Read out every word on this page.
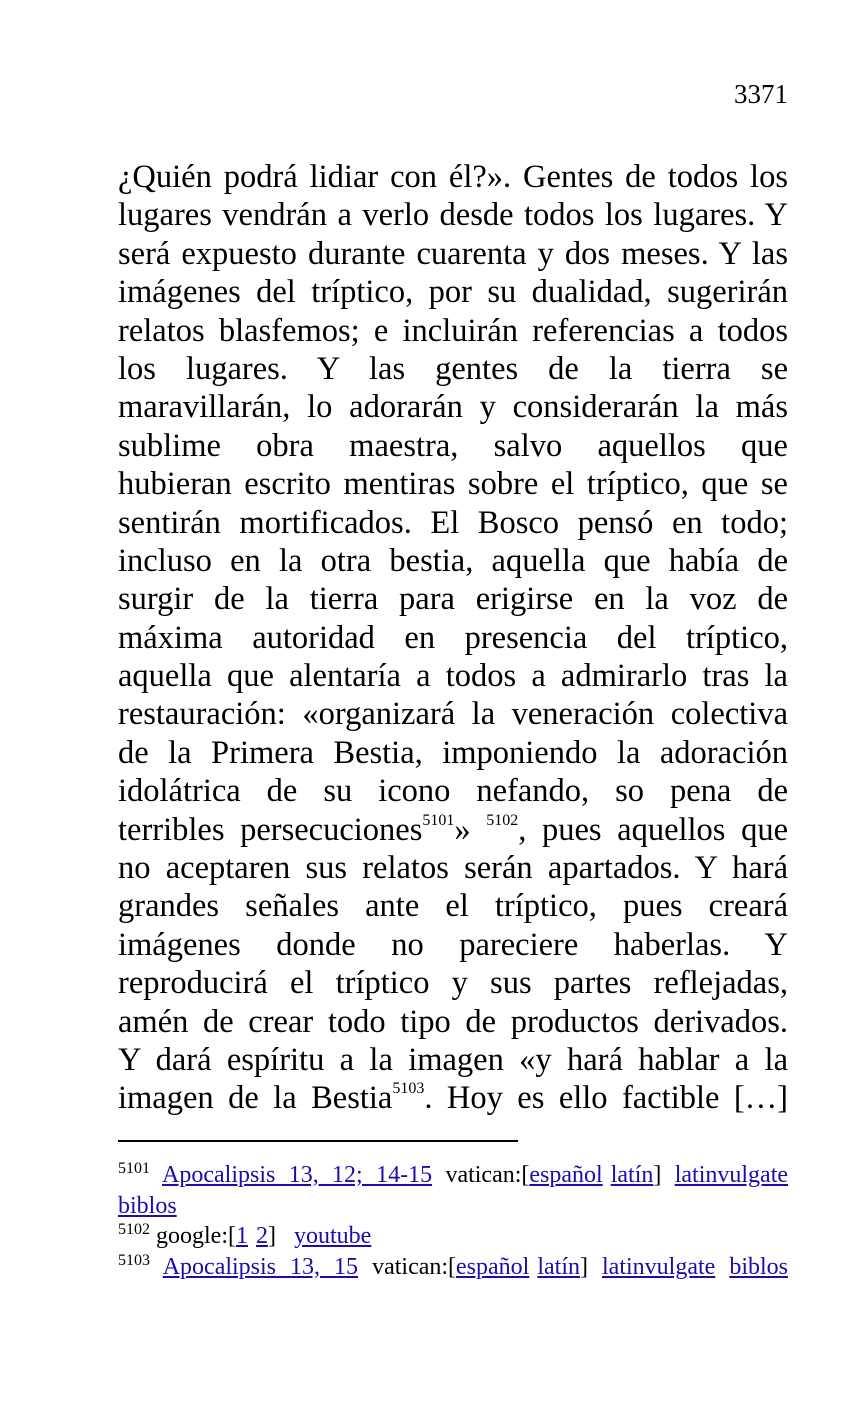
3371
¿Quién podrá lidiar con él?». Gentes de todos los
lugares vendrán a verlo desde todos los lugares. Y
será expuesto durante cuarenta y dos meses. Y las
imágenes del tríptico, por su dualidad, sugerirán
relatos blasfemos; e incluirán referencias a todos
los lugares. Y las gentes de la tierra se
maravillarán, lo adorarán y considerarán la más
sublime obra maestra, salvo aquellos que
hubieran escrito mentiras sobre el tríptico, que se
sentirán mortificados. El Bosco pensó en todo;
incluso en la otra bestia, aquella que había de
surgir de la tierra para erigirse en la voz de
máxima autoridad en presencia del tríptico,
aquella que alentaría a todos a admirarlo tras la
restauración: «organizará la veneración colectiva
de la Primera Bestia, imponiendo la adoración
idolátrica de su icono nefando, so pena de
terribles persecuciones$^{5101}$» $^{5102}$, pues aquellos que
no aceptaren sus relatos serán apartados. Y hará
grandes señales ante el tríptico, pues creará
imágenes donde no pareciere haberlas. Y
reproducirá el tríptico y sus partes reflejadas,
amén de crear todo tipo de productos derivados.
Y dará espíritu a la imagen «y hará hablar a la
imagen de la Bestia$^{5103}$. Hoy es ello factible […]
$^{5101}$ Apocalipsis 13, 12; 14-15 vatican:[español latín] latinvulgate
biblos
$^{5102}$ google:[1 2] youtube
$^{5103}$ Apocalipsis 13, 15 vatican:[español latín] latinvulgate biblos
